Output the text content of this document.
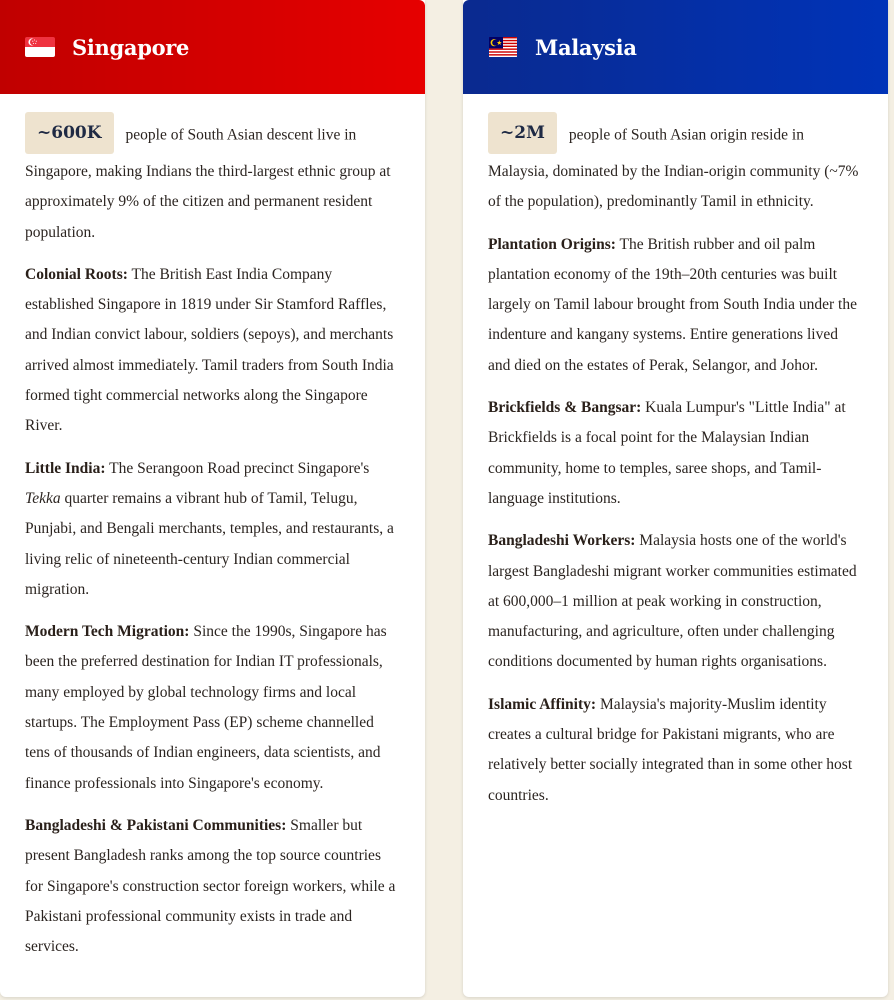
Singapore

~600K people of South Asian descent live in Singapore, making Indians the third-largest ethnic group at approximately 9% of the citizen and permanent resident population.

Colonial Roots: The British East India Company established Singapore in 1819 under Sir Stamford Raffles, and Indian convict labour, soldiers (sepoys), and merchants arrived almost immediately. Tamil traders from South India formed tight commercial networks along the Singapore River.

Little India: The Serangoon Road precinct Singapore's Tekka quarter remains a vibrant hub of Tamil, Telugu, Punjabi, and Bengali merchants, temples, and restaurants, a living relic of nineteenth-century Indian commercial migration.

Modern Tech Migration: Since the 1990s, Singapore has been the preferred destination for Indian IT professionals, many employed by global technology firms and local startups. The Employment Pass (EP) scheme channelled tens of thousands of Indian engineers, data scientists, and finance professionals into Singapore's economy.

Bangladeshi & Pakistani Communities: Smaller but present Bangladesh ranks among the top source countries for Singapore's construction sector foreign workers, while a Pakistani professional community exists in trade and services.

Malaysia

~2M people of South Asian origin reside in Malaysia, dominated by the Indian-origin community (~7% of the population), predominantly Tamil in ethnicity.

Plantation Origins: The British rubber and oil palm plantation economy of the 19th–20th centuries was built largely on Tamil labour brought from South India under the indenture and kangany systems. Entire generations lived and died on the estates of Perak, Selangor, and Johor.

Brickfields & Bangsar: Kuala Lumpur's "Little India" at Brickfields is a focal point for the Malaysian Indian community, home to temples, saree shops, and Tamil-language institutions.

Bangladeshi Workers: Malaysia hosts one of the world's largest Bangladeshi migrant worker communities estimated at 600,000–1 million at peak working in construction, manufacturing, and agriculture, often under challenging conditions documented by human rights organisations.

Islamic Affinity: Malaysia's majority-Muslim identity creates a cultural bridge for Pakistani migrants, who are relatively better socially integrated than in some other host countries.
